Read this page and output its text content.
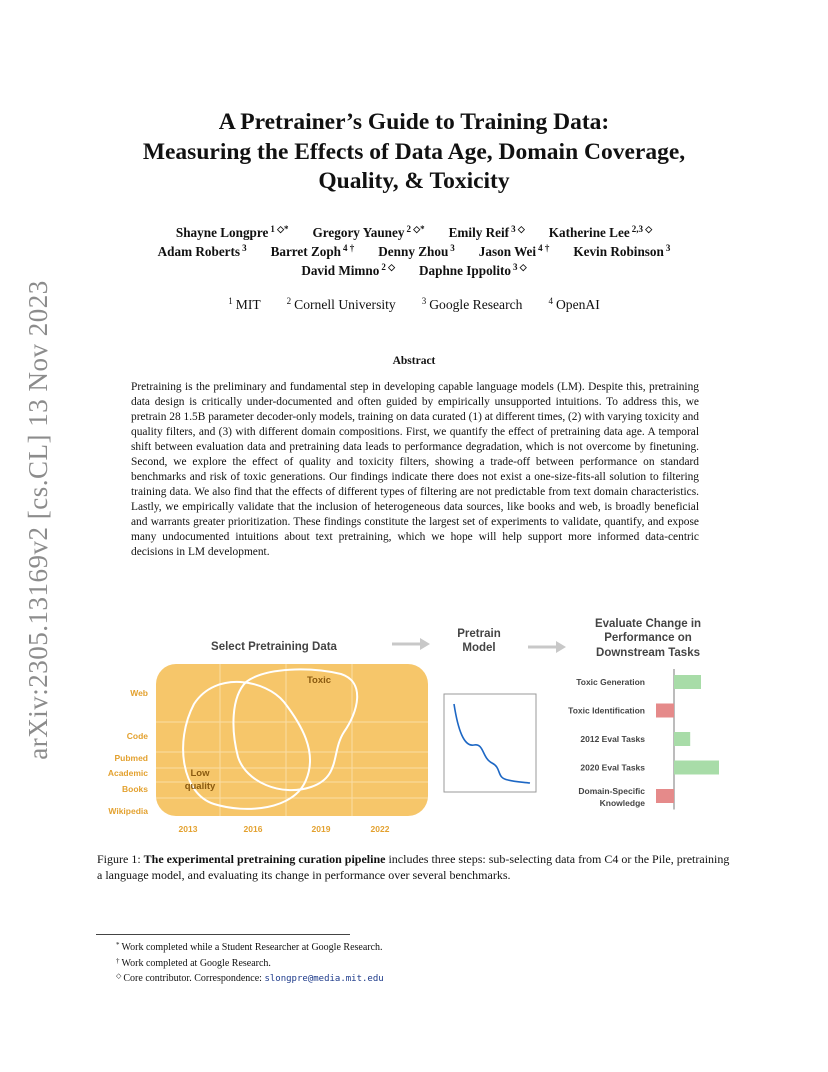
arXiv:2305.13169v2 [cs.CL] 13 Nov 2023
A Pretrainer’s Guide to Training Data:
Measuring the Effects of Data Age, Domain Coverage,
Quality, & Toxicity
Shayne Longpre $^{1 ◇*}$ Gregory Yauney $^{2 ◇*}$ Emily Reif $^{3 ◇}$ Katherine Lee $^{2,3 ◇}$
Adam Roberts $^3$ Barret Zoph $^{4 \dagger}$ Denny Zhou $^3$ Jason Wei $^{4 \dagger}$ Kevin Robinson $^3$
David Mimno $^{2 ◇}$ Daphne Ippolito $^{3 ◇}$
$^1$ MIT	$^2$ Cornell University	$^3$ Google Research	$^4$ OpenAI
Abstract
Pretraining is the preliminary and fundamental step in developing capable language models (LM). Despite this, pretraining data design is critically under-documented and often guided by empirically unsupported intuitions. To address this, we pretrain 28 1.5B parameter decoder-only models, training on data curated (1) at different times, (2) with varying toxicity and quality filters, and (3) with different domain compositions. First, we quantify the effect of pretraining data age. A temporal shift between evaluation data and pretraining data leads to performance degradation, which is not overcome by finetuning. Second, we explore the effect of quality and toxicity filters, showing a trade-off between performance on standard benchmarks and risk of toxic generations. Our findings indicate there does not exist a one-size-fits-all solution to filtering training data. We also find that the effects of different types of filtering are not predictable from text domain characteristics. Lastly, we empirically validate that the inclusion of heterogeneous data sources, like books and web, is broadly beneficial and warrants greater prioritization. These findings constitute the largest set of experiments to validate, quantify, and expose many undocumented intuitions about text pretraining, which we hope will help support more informed data-centric decisions in LM development.
Select Pretraining Data
Toxic
Low
quality
Web
Code
Pubmed
Academic
Books
Wikipedia
2013	2016	2019	2022
Pretrain
Model
Evaluate Change in
Performance on
Downstream Tasks
Toxic Generation
Toxic Identification
2012 Eval Tasks
2020 Eval Tasks
Domain-Specific
Knowledge
Figure 1: The experimental pretraining curation pipeline includes three steps: sub-selecting data from C4 or the Pile, pretraining a language model, and evaluating its change in performance over several benchmarks.
* Work completed while a Student Researcher at Google Research.
† Work completed at Google Research.
◇ Core contributor. Correspondence: slongpre@media.mit.edu
